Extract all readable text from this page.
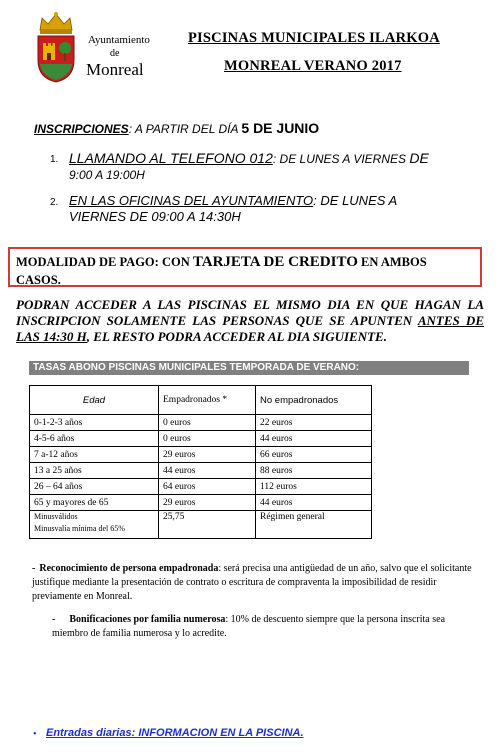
Ayuntamiento
de
Monreal
PISCINAS MUNICIPALES ILARKOA
MONREAL VERANO 2017
INSCRIPCIONES: A PARTIR DEL DÍA 5 DE JUNIO
1. LLAMANDO AL TELEFONO 012: DE LUNES A VIERNES DE
9:00 A 19:00H
2. EN LAS OFICINAS DEL AYUNTAMIENTO: DE LUNES A
VIERNES DE 09:00 A 14:30H
MODALIDAD DE PAGO: CON TARJETA DE CREDITO EN AMBOS
CASOS.
PODRAN ACCEDER A LAS PISCINAS EL MISMO DIA EN QUE HAGAN LA INSCRIPCION SOLAMENTE LAS PERSONAS QUE SE APUNTEN ANTES DE LAS 14:30 H, EL RESTO PODRA ACCEDER AL DIA SIGUIENTE.
TASAS ABONO PISCINAS MUNICIPALES TEMPORADA DE VERANO:
Edad	Empadronados *	No empadronados
0-1-2-3 años	0 euros	22 euros
4-5-6 años	0 euros	44 euros
7 a-12 años	29 euros	66 euros
13 a 25 años	44 euros	88 euros
26 – 64 años	64 euros	112 euros
65 y mayores de 65	29 euros	44 euros
Minusválidos
Minusvalía mínima del 65%	25,75	Régimen general
- Reconocimiento de persona empadronada: será precisa una antigüedad de un año, salvo que el solicitante justifique mediante la presentación de contrato o escritura de compraventa la imposibilidad de residir previamente en Monreal.
- Bonificaciones por familia numerosa: 10% de descuento siempre que la persona inscrita sea miembro de familia numerosa y lo acredite.
• Entradas diarias: INFORMACION EN LA PISCINA.
